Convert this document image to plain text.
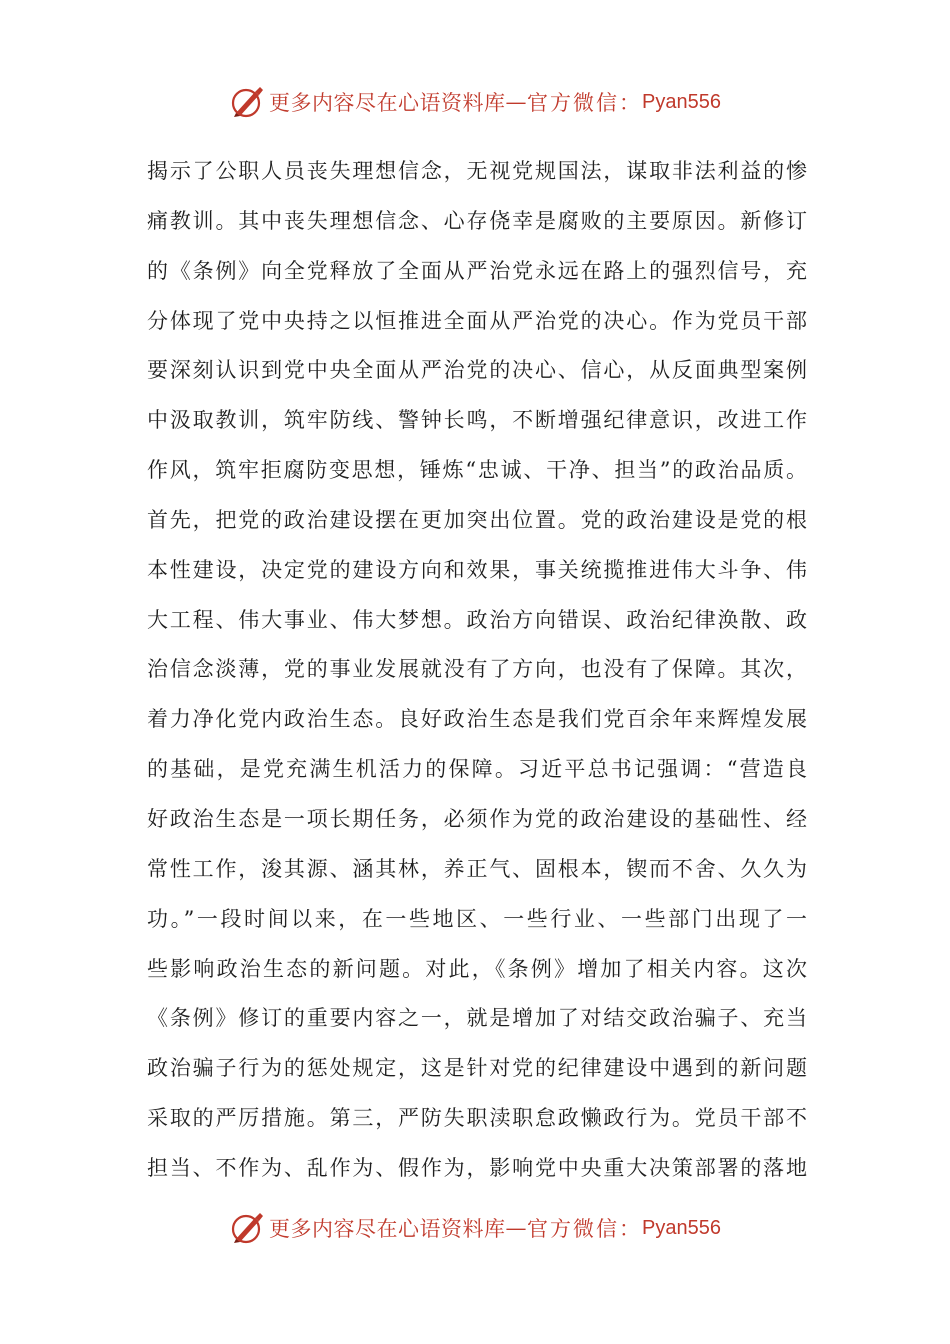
更多内容尽在心语资料库 — 官方微信： Pyan556
揭示了公职人员丧失理想信念，无视党规国法，谋取非法利益的惨
痛教训。其中丧失理想信念、心存侥幸是腐败的主要原因。新修订
的《条例》向全党释放了全面从严治党永远在路上的强烈信号，充
分体现了党中央持之以恒推进全面从严治党的决心。作为党员干部
要深刻认识到党中央全面从严治党的决心、信心，从反面典型案例
中汲取教训，筑牢防线、警钟长鸣，不断增强纪律意识，改进工作
作风，筑牢拒腐防变思想，锤炼“忠诚、干净、担当”的政治品质。
首先，把党的政治建设摆在更加突出位置。党的政治建设是党的根
本性建设，决定党的建设方向和效果，事关统揽推进伟大斗争、伟
大工程、伟大事业、伟大梦想。政治方向错误、政治纪律涣散、政
治信念淡薄，党的事业发展就没有了方向，也没有了保障。其次，
着力净化党内政治生态。良好政治生态是我们党百余年来辉煌发展
的基础，是党充满生机活力的保障。习近平总书记强调：“营造良
好政治生态是一项长期任务，必须作为党的政治建设的基础性、经
常性工作，浚其源、涵其林，养正气、固根本，锲而不舍、久久为
功。”一段时间以来，在一些地区、一些行业、一些部门出现了一
些影响政治生态的新问题。对此，《条例》增加了相关内容。这次
《条例》修订的重要内容之一，就是增加了对结交政治骗子、充当
政治骗子行为的惩处规定，这是针对党的纪律建设中遇到的新问题
采取的严厉措施。第三，严防失职渎职怠政懒政行为。党员干部不
担当、不作为、乱作为、假作为，影响党中央重大决策部署的落地
更多内容尽在心语资料库 — 官方微信： Pyan556
